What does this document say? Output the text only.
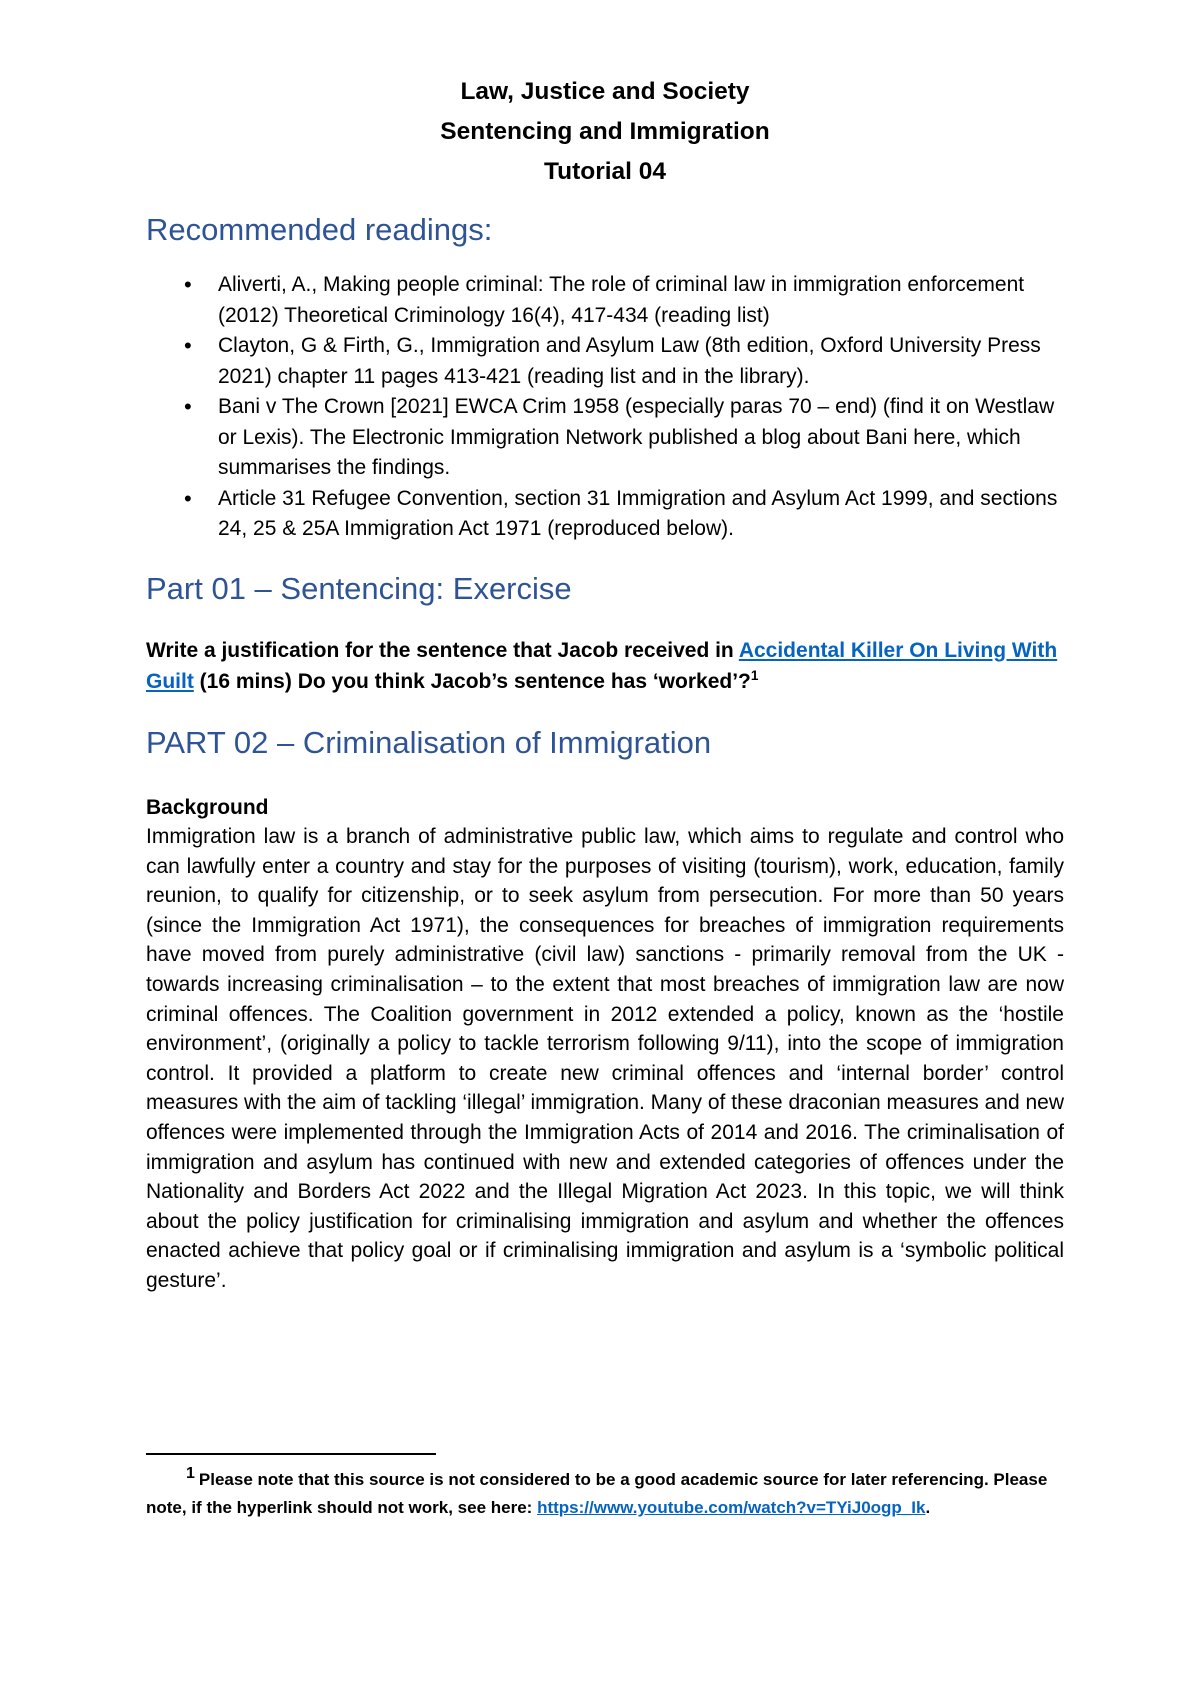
Law, Justice and Society
Sentencing and Immigration
Tutorial 04
Recommended readings:
• Aliverti, A., Making people criminal: The role of criminal law in immigration enforcement (2012) Theoretical Criminology 16(4), 417-434 (reading list)
• Clayton, G & Firth, G., Immigration and Asylum Law (8th edition, Oxford University Press 2021) chapter 11 pages 413-421 (reading list and in the library).
• Bani v The Crown [2021] EWCA Crim 1958 (especially paras 70 – end) (find it on Westlaw or Lexis). The Electronic Immigration Network published a blog about Bani here, which summarises the findings.
• Article 31 Refugee Convention, section 31 Immigration and Asylum Act 1999, and sections 24, 25 & 25A Immigration Act 1971 (reproduced below).
Part 01 – Sentencing: Exercise

Write a justification for the sentence that Jacob received in Accidental Killer On Living With Guilt (16 mins) Do you think Jacob’s sentence has ‘worked’?$^1$

PART 02 – Criminalisation of Immigration
Background

Immigration law is a branch of administrative public law, which aims to regulate and control who can lawfully enter a country and stay for the purposes of visiting (tourism), work, education, family reunion, to qualify for citizenship, or to seek asylum from persecution. For more than 50 years (since the Immigration Act 1971), the consequences for breaches of immigration requirements have moved from purely administrative (civil law) sanctions - primarily removal from the UK - towards increasing criminalisation – to the extent that most breaches of immigration law are now criminal offences. The Coalition government in 2012 extended a policy, known as the ‘hostile environment’, (originally a policy to tackle terrorism following 9/11), into the scope of immigration control. It provided a platform to create new criminal offences and ‘internal border’ control measures with the aim of tackling ‘illegal’ immigration. Many of these draconian measures and new offences were implemented through the Immigration Acts of 2014 and 2016. The criminalisation of immigration and asylum has continued with new and extended categories of offences under the Nationality and Borders Act 2022 and the Illegal Migration Act 2023. In this topic, we will think about the policy justification for criminalising immigration and asylum and whether the offences enacted achieve that policy goal or if criminalising immigration and asylum is a ‘symbolic political gesture’.

1 Please note that this source is not considered to be a good academic source for later referencing. Please note, if the hyperlink should not work, see here: https://www.youtube.com/watch?v=TYiJ0ogp_Ik.
